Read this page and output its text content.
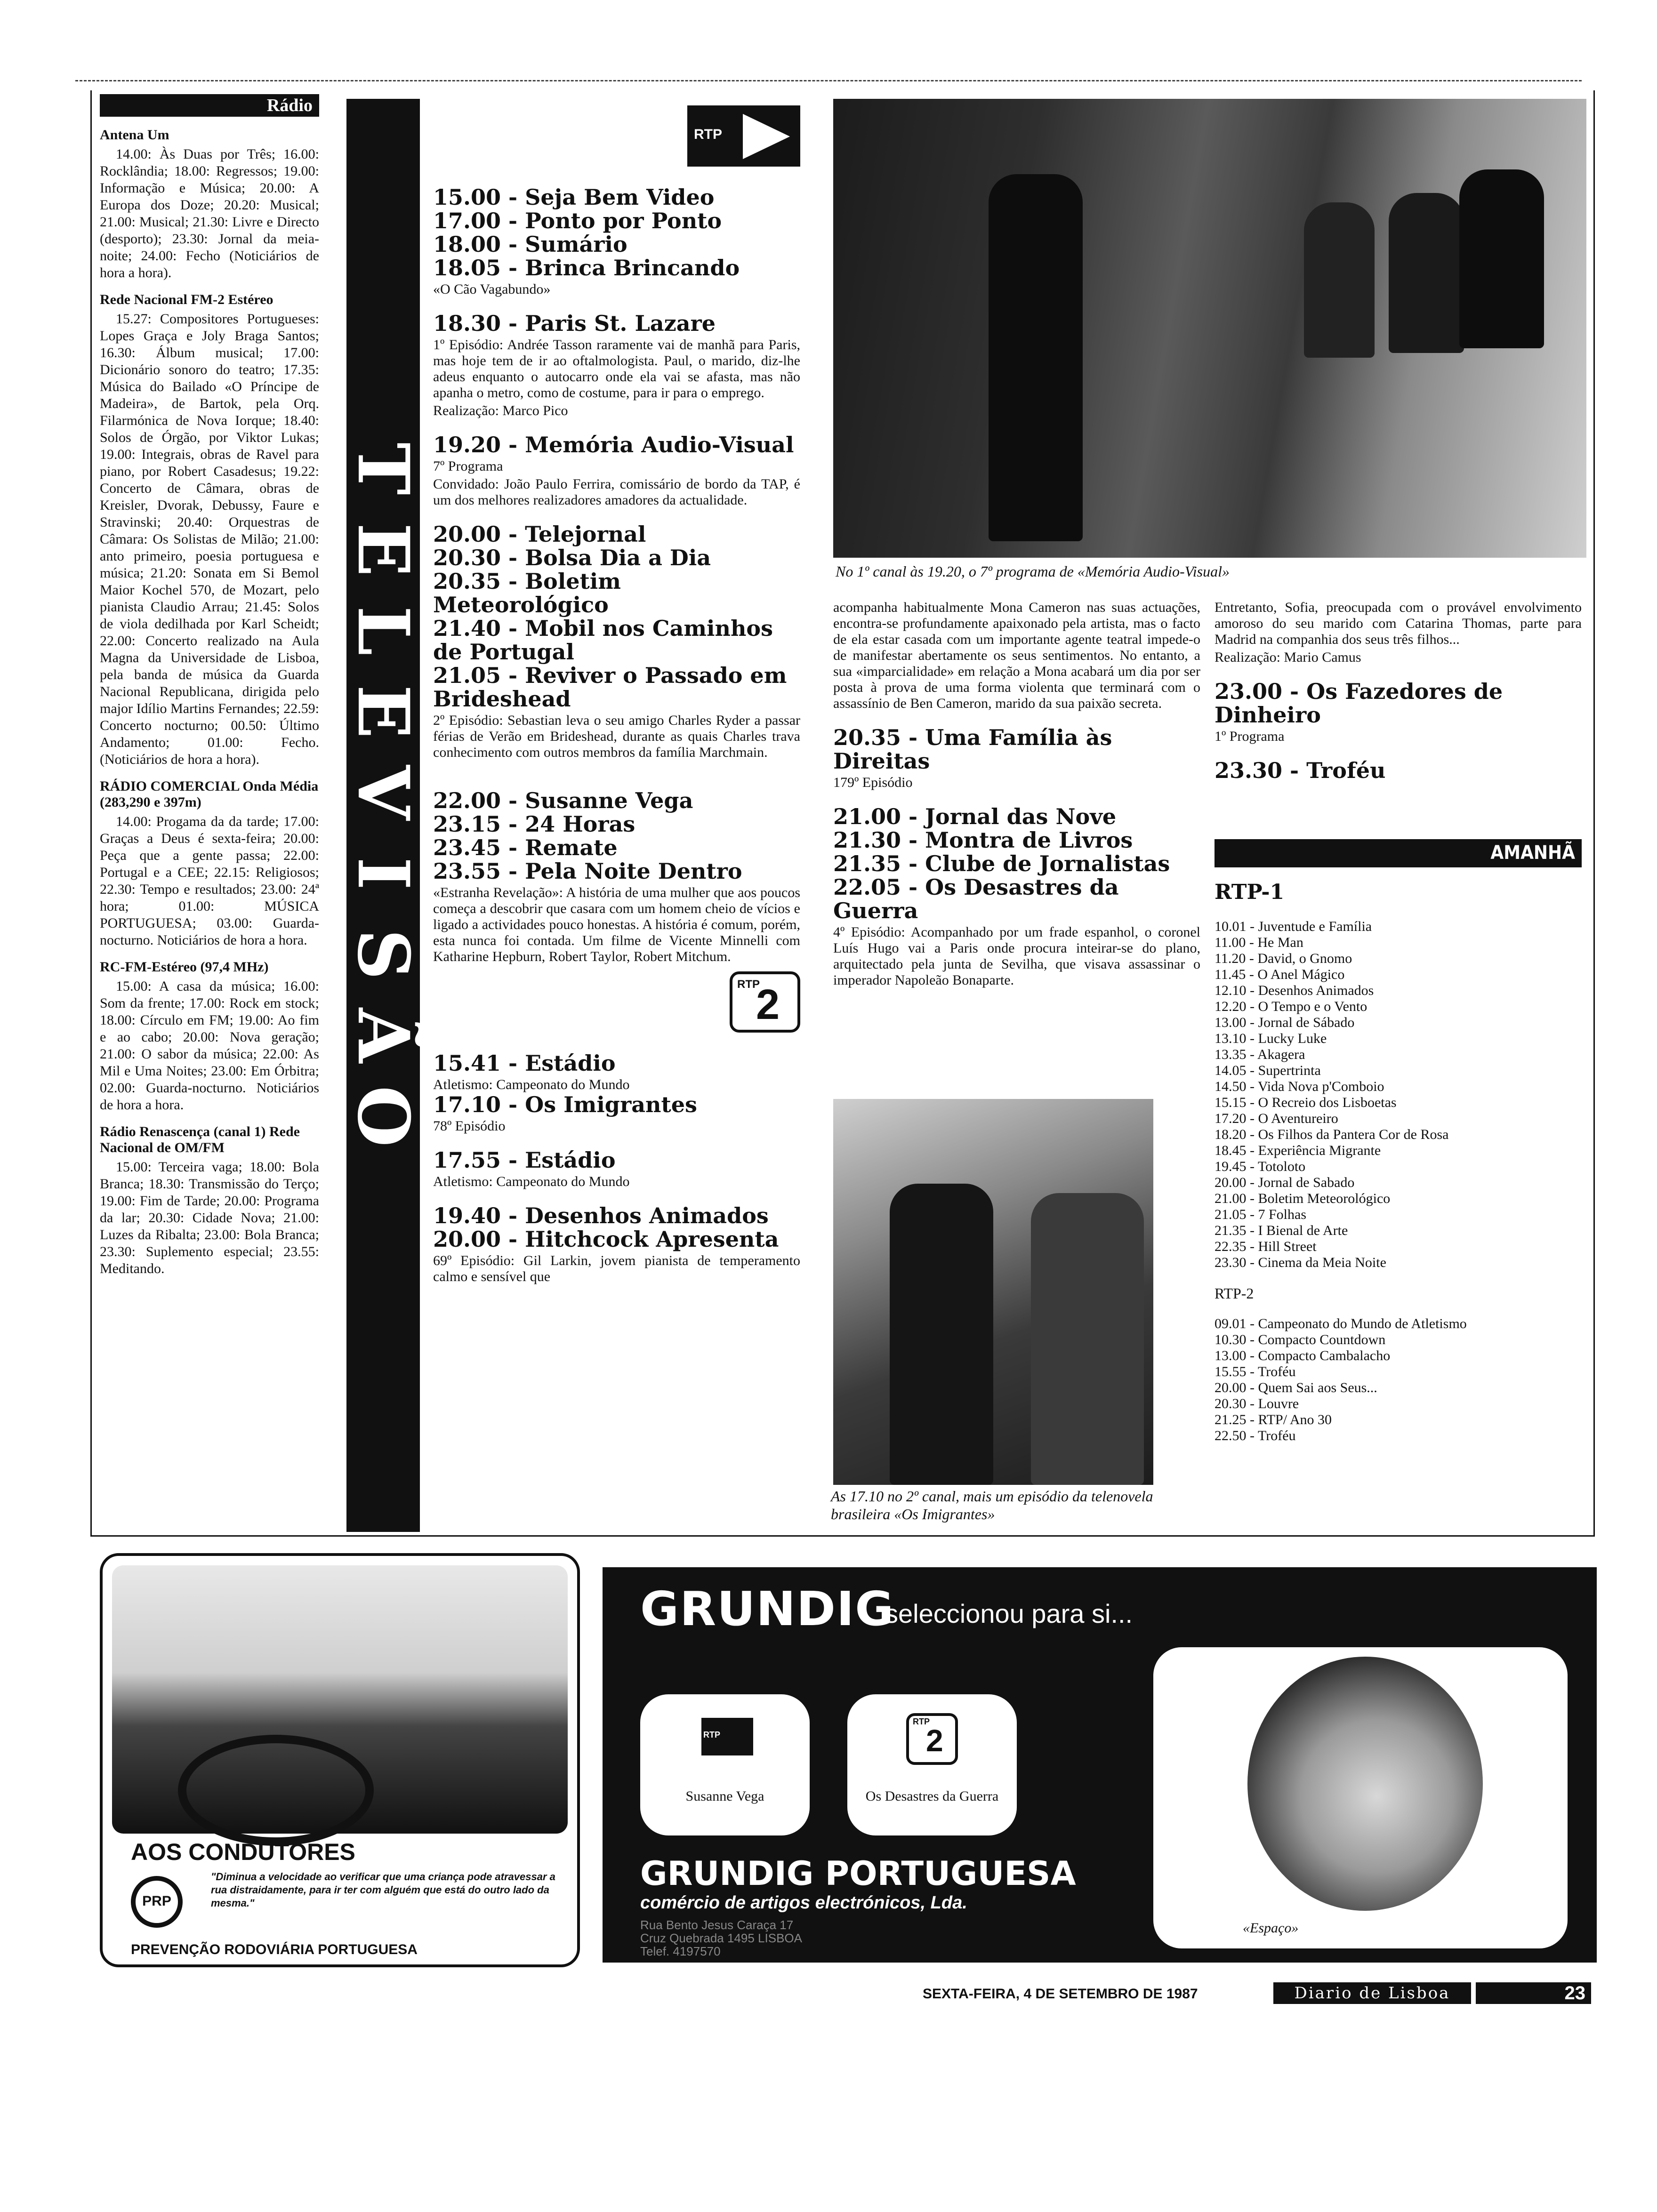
Rádio
Antena Um

14.00: Às Duas por Três; 16.00: Rocklândia; 18.00: Regressos; 19.00: Informação e Música; 20.00: A Europa dos Doze; 20.20: Musical; 21.00: Musical; 21.30: Livre e Directo (desporto); 23.30: Jornal da meia-noite; 24.00: Fecho (Noticiários de hora a hora).

Rede Nacional FM-2 Estéreo

15.27: Compositores Portugueses: Lopes Graça e Joly Braga Santos; 16.30: Álbum musical; 17.00: Dicionário sonoro do teatro; 17.35: Música do Bailado «O Príncipe de Madeira», de Bartok, pela Orq. Filarmónica de Nova Iorque; 18.40: Solos de Órgão, por Viktor Lukas; 19.00: Integrais, obras de Ravel para piano, por Robert Casadesus; 19.22: Concerto de Câmara, obras de Kreisler, Dvorak, Debussy, Faure e Stravinski; 20.40: Orquestras de Câmara: Os Solistas de Milão; 21.00: anto primeiro, poesia portuguesa e música; 21.20: Sonata em Si Bemol Maior Kochel 570, de Mozart, pelo pianista Claudio Arrau; 21.45: Solos de viola dedilhada por Karl Scheidt; 22.00: Concerto realizado na Aula Magna da Universidade de Lisboa, pela banda de música da Guarda Nacional Republicana, dirigida pelo major Idílio Martins Fernandes; 22.59: Concerto nocturno; 00.50: Último Andamento; 01.00: Fecho. (Noticiários de hora a hora).

RÁDIO COMERCIAL Onda Média (283,290 e 397m)

14.00: Progama da da tarde; 17.00: Graças a Deus é sexta-feira; 20.00: Peça que a gente passa; 22.00: Portugal e a CEE; 22.15: Religiosos; 22.30: Tempo e resultados; 23.00: 24ª hora; 01.00: MÚSICA PORTUGUESA; 03.00: Guarda-nocturno. Noticiários de hora a hora.

RC-FM-Estéreo (97,4 MHz)

15.00: A casa da música; 16.00: Som da frente; 17.00: Rock em stock; 18.00: Círculo em FM; 19.00: Ao fim e ao cabo; 20.00: Nova geração; 21.00: O sabor da música; 22.00: As Mil e Uma Noites; 23.00: Em Órbitra; 02.00: Guarda-nocturno. Noticiários de hora a hora.

Rádio Renascença (canal 1) Rede Nacional de OM/FM

15.00: Terceira vaga; 18.00: Bola Branca; 18.30: Transmissão do Terço; 19.00: Fim de Tarde; 20.00: Programa da lar; 20.30: Cidade Nova; 21.00: Luzes da Ribalta; 23.00: Bola Branca; 23.30: Suplemento especial; 23.55: Meditando.

T
E
L
E
V
I
S
Ã
O
RTP

15.00 - Seja Bem Video

17.00 - Ponto por Ponto

18.00 - Sumário

18.05 - Brinca Brincando

«O Cão Vagabundo»

18.30 - Paris St. Lazare

1º Episódio: Andrée Tasson raramente vai de manhã para Paris, mas hoje tem de ir ao oftalmologista. Paul, o marido, diz-lhe adeus enquanto o autocarro onde ela vai se afasta, mas não apanha o metro, como de costume, para ir para o emprego.

Realização: Marco Pico

19.20 - Memória Audio-Visual

7º Programa

Convidado: João Paulo Ferrira, comissário de bordo da TAP, é um dos melhores realizadores amadores da actualidade.

20.00 - Telejornal

20.30 - Bolsa Dia a Dia

20.35 - Boletim Meteorológico

21.40 - Mobil nos Caminhos de Portugal

21.05 - Reviver o Passado em Brideshead

2º Episódio: Sebastian leva o seu amigo Charles Ryder a passar férias de Verão em Brideshead, durante as quais Charles trava conhecimento com outros membros da família Marchmain.

22.00 - Susanne Vega

23.15 - 24 Horas

23.45 - Remate

23.55 - Pela Noite Dentro

«Estranha Revelação»: A história de uma mulher que aos poucos começa a descobrir que casara com um homem cheio de vícios e ligado a actividades pouco honestas. A história é comum, porém, esta nunca foi contada. Um filme de Vicente Minnelli com Katharine Hepburn, Robert Taylor, Robert Mitchum.

RTP
2

15.41 - Estádio

Atletismo: Campeonato do Mundo

17.10 - Os Imigrantes

78º Episódio

17.55 - Estádio

Atletismo: Campeonato do Mundo

19.40 - Desenhos Animados

20.00 - Hitchcock Apresenta

69º Episódio: Gil Larkin, jovem pianista de temperamento calmo e sensível que

No 1º canal às 19.20, o 7º programa de «Memória Audio-Visual»

acompanha habitualmente Mona Cameron nas suas actuações, encontra-se profundamente apaixonado pela artista, mas o facto de ela estar casada com um importante agente teatral impede-o de manifestar abertamente os seus sentimentos. No entanto, a sua «imparcialidade» em relação a Mona acabará um dia por ser posta à prova de uma forma violenta que terminará com o assassínio de Ben Cameron, marido da sua paixão secreta.

20.35 - Uma Família às Direitas

179º Episódio

21.00 - Jornal das Nove

21.30 - Montra de Livros

21.35 - Clube de Jornalistas

22.05 - Os Desastres da Guerra

4º Episódio: Acompanhado por um frade espanhol, o coronel Luís Hugo vai a Paris onde procura inteirar-se do plano, arquitectado pela junta de Sevilha, que visava assassinar o imperador Napoleão Bonaparte.

As 17.10 no 2º canal, mais um episódio da telenovela brasileira «Os Imigrantes»

Entretanto, Sofia, preocupada com o provável envolvimento amoroso do seu marido com Catarina Thomas, parte para Madrid na companhia dos seus três filhos...

Realização: Mario Camus

23.00 - Os Fazedores de Dinheiro

1º Programa

23.30 - Troféu

AMANHÃ

RTP-1

10.01 - Juventude e Família

11.00 - He Man

11.20 - David, o Gnomo

11.45 - O Anel Mágico

12.10 - Desenhos Animados

12.20 - O Tempo e o Vento

13.00 - Jornal de Sábado

13.10 - Lucky Luke

13.35 - Akagera

14.05 - Supertrinta

14.50 - Vida Nova p'Comboio

15.15 - O Recreio dos Lisboetas

17.20 - O Aventureiro

18.20 - Os Filhos da Pantera Cor de Rosa

18.45 - Experiência Migrante

19.45 - Totoloto

20.00 - Jornal de Sabado

21.00 - Boletim Meteorológico

21.05 - 7 Folhas

21.35 - I Bienal de Arte

22.35 - Hill Street

23.30 - Cinema da Meia Noite

RTP-2

09.01 - Campeonato do Mundo de Atletismo

10.30 - Compacto Countdown

13.00 - Compacto Cambalacho

15.55 - Troféu

20.00 - Quem Sai aos Seus...

20.30 - Louvre

21.25 - RTP/ Ano 30

22.50 - Troféu

AOS CONDUTORES
PRP
"Diminua a velocidade ao verificar que uma criança pode atravessar a rua distraidamente, para ir ter com alguém que está do outro lado da mesma."
PREVENÇÃO RODOVIÁRIA PORTUGUESA
GRUNDIG
seleccionou para si...
RTP
Susanne Vega
RTP
2
Os Desastres da Guerra
GRUNDIG PORTUGUESA
comércio de artigos electrónicos, Lda.
Rua Bento Jesus Caraça 17
Cruz Quebrada 1495 LISBOA
Telef. 4197570
«Espaço»
SEXTA-FEIRA, 4 DE SETEMBRO DE 1987	Diario de Lisboa	23
